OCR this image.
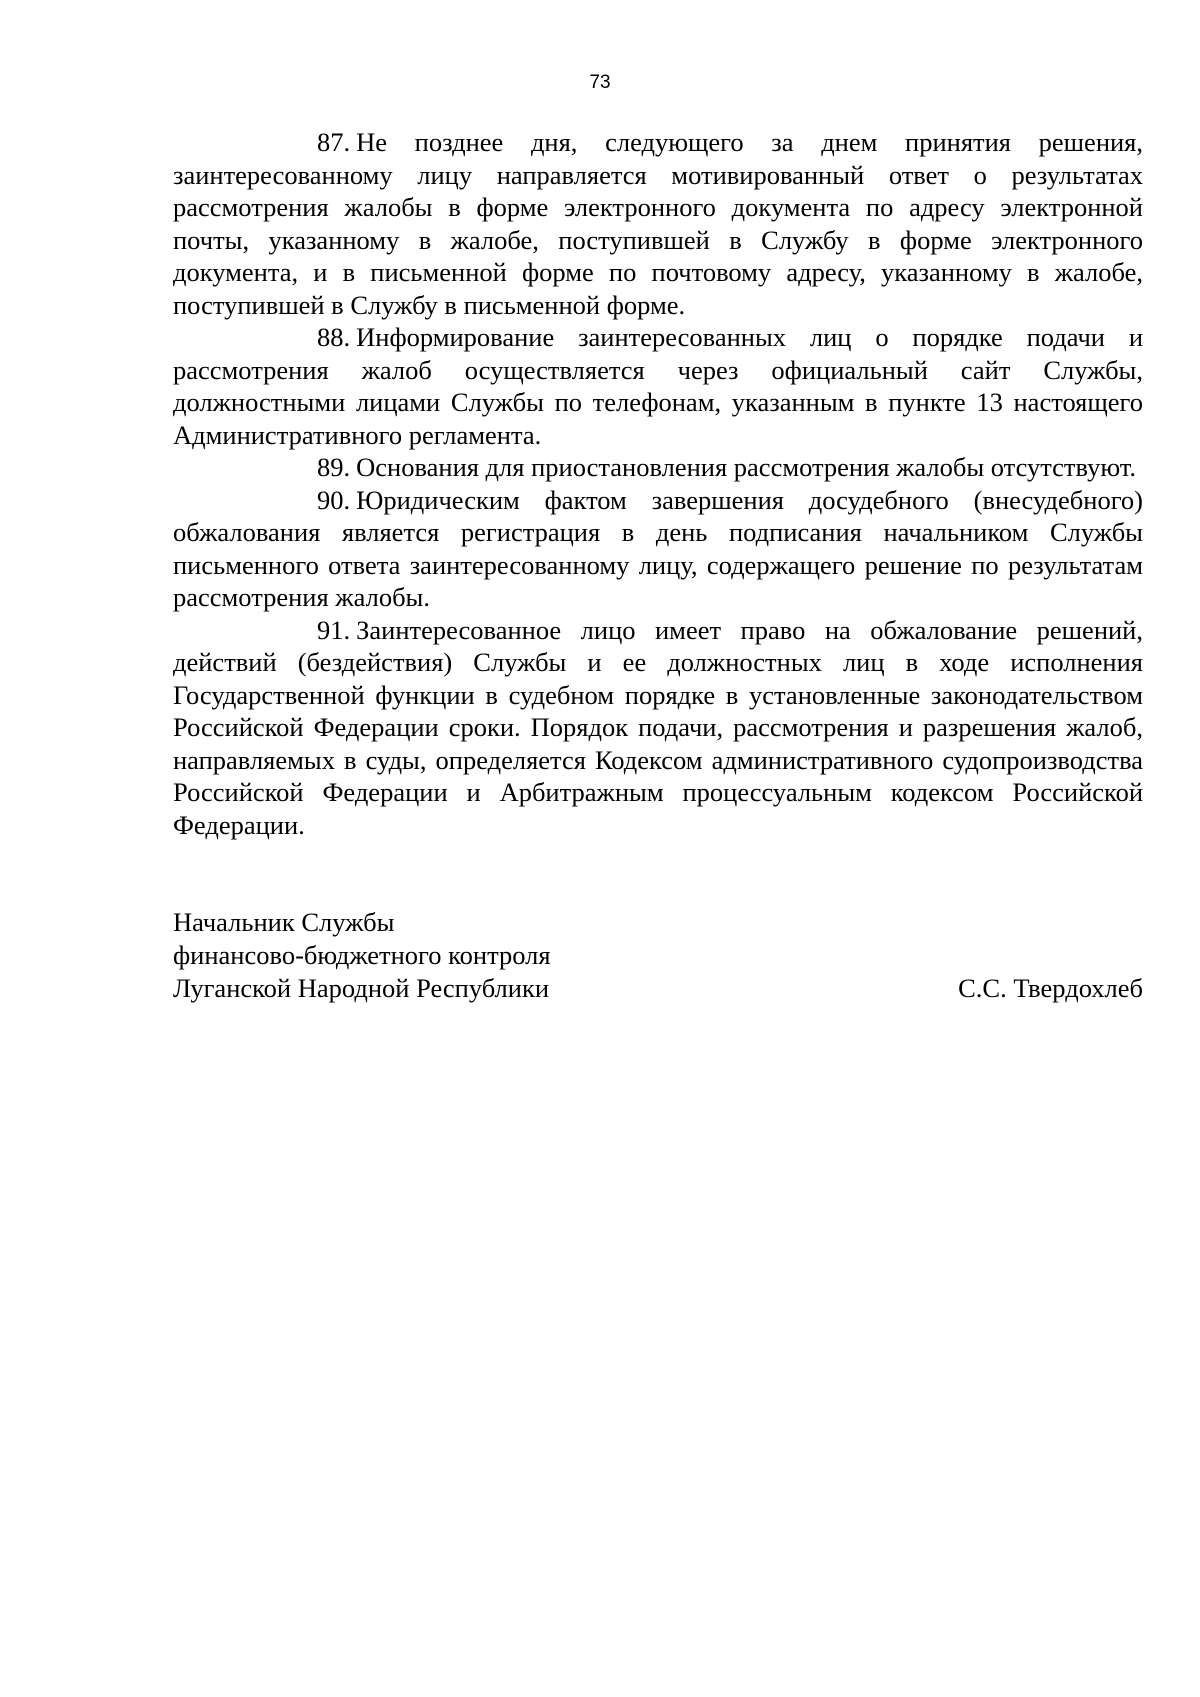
73

87. Не позднее дня, следующего за днем принятия решения, заинтересованному лицу направляется мотивированный ответ о результатах рассмотрения жалобы в форме электронного документа по адресу электронной почты, указанному в жалобе, поступившей в Службу в форме электронного документа, и в письменной форме по почтовому адресу, указанному в жалобе, поступившей в Службу в письменной форме.

88. Информирование заинтересованных лиц о порядке подачи и рассмотрения жалоб осуществляется через официальный сайт Службы, должностными лицами Службы по телефонам, указанным в пункте 13 настоящего Административного регламента.

89. Основания для приостановления рассмотрения жалобы отсутствуют.

90. Юридическим фактом завершения досудебного (внесудебного) обжалования является регистрация в день подписания начальником Службы письменного ответа заинтересованному лицу, содержащего решение по результатам рассмотрения жалобы.

91. Заинтересованное лицо имеет право на обжалование решений, действий (бездействия) Службы и ее должностных лиц в ходе исполнения Государственной функции в судебном порядке в установленные законодательством Российской Федерации сроки. Порядок подачи, рассмотрения и разрешения жалоб, направляемых в суды, определяется Кодексом административного судопроизводства Российской Федерации и Арбитражным процессуальным кодексом Российской Федерации.

Начальник Службы
финансово-бюджетного контроля
Луганской Народной Республики	С.С. Твердохлеб
